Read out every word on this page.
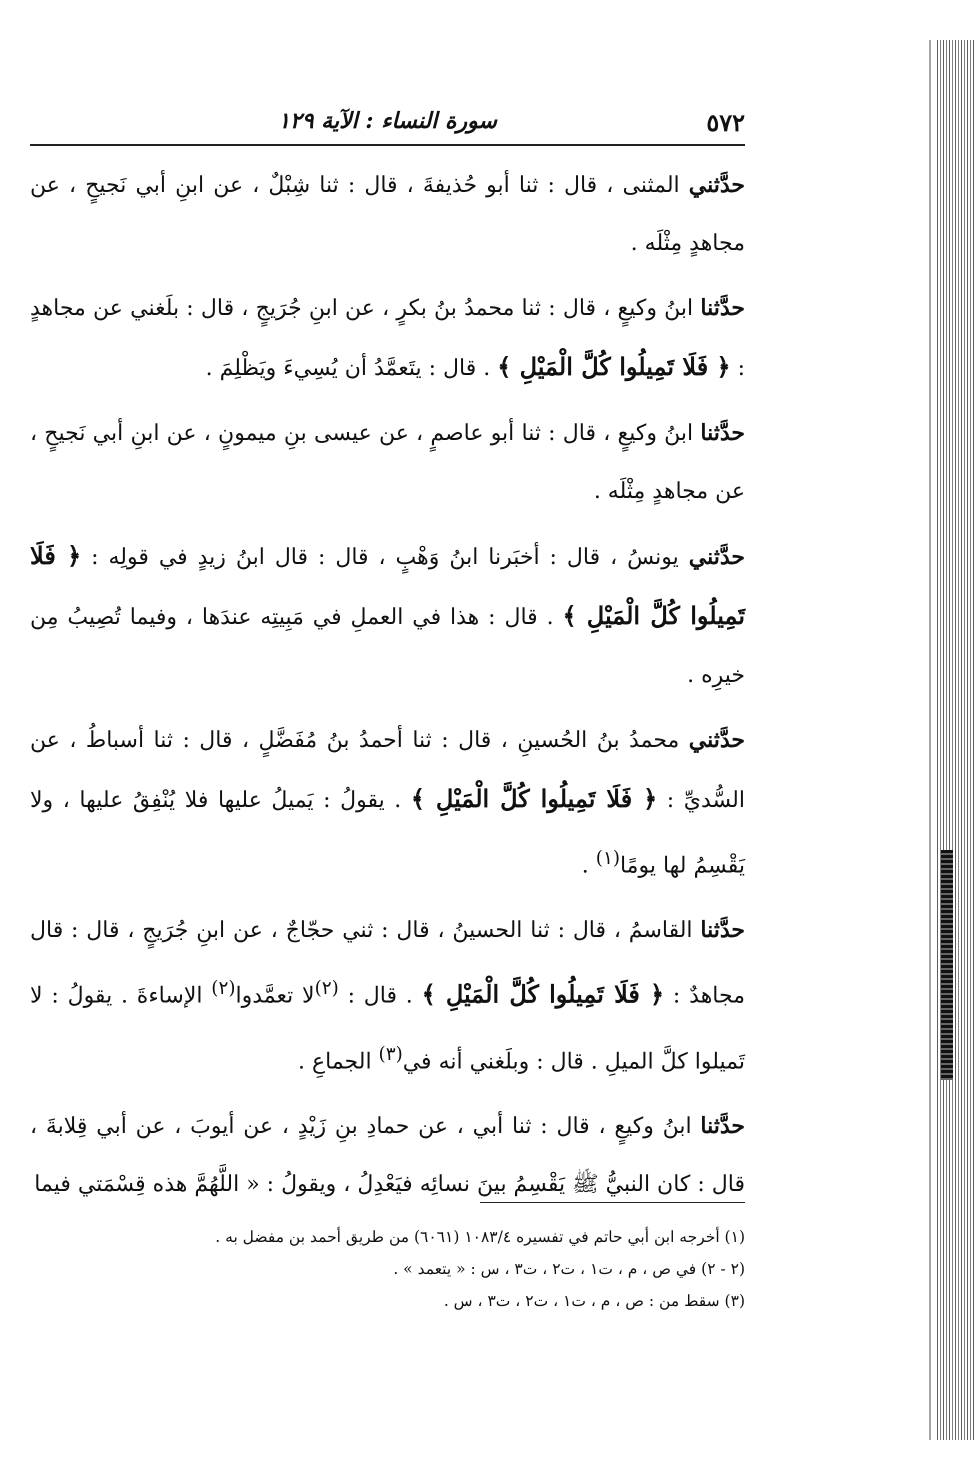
٥٧٢
سورة النساء : الآية ١٢٩

حدَّثني المثنى ، قال : ثنا أبو حُذيفةَ ، قال : ثنا شِبْلٌ ، عن ابنِ أبي نَجيحٍ ، عن مجاهدٍ مِثْلَه .

حدَّثنا ابنُ وكيعٍ ، قال : ثنا محمدُ بنُ بكرٍ ، عن ابنِ جُرَيجٍ ، قال : بلَغني عن مجاهدٍ : ﴿ فَلَا تَمِيلُوا كُلَّ الْمَيْلِ ﴾ . قال : يتَعمَّدُ أن يُسِيءَ ويَظْلِمَ .

حدَّثنا ابنُ وكيعٍ ، قال : ثنا أبو عاصمٍ ، عن عيسى بنِ ميمونٍ ، عن ابنِ أبي نَجيحٍ ، عن مجاهدٍ مِثْلَه .

حدَّثني يونسُ ، قال : أخبَرنا ابنُ وَهْبٍ ، قال : قال ابنُ زيدٍ في قولِه : ﴿ فَلَا تَمِيلُوا كُلَّ الْمَيْلِ ﴾ . قال : هذا في العملِ في مَبِيتِه عندَها ، وفيما تُصِيبُ مِن خيرِه .

حدَّثني محمدُ بنُ الحُسينِ ، قال : ثنا أحمدُ بنُ مُفَضَّلٍ ، قال : ثنا أسباطُ ، عن السُّديِّ : ﴿ فَلَا تَمِيلُوا كُلَّ الْمَيْلِ ﴾ . يقولُ : يَميلُ عليها فلا يُنْفِقُ عليها ، ولا يَقْسِمُ لها يومًا$^{(١)}$ .

حدَّثنا القاسمُ ، قال : ثنا الحسينُ ، قال : ثني حجّاجٌ ، عن ابنِ جُرَيجٍ ، قال : قال مجاهدٌ : ﴿ فَلَا تَمِيلُوا كُلَّ الْمَيْلِ ﴾ . قال : $^{(٢)}$لا تعمَّدوا$^{(٢)}$ الإساءةَ . يقولُ : لا تَميلوا كلَّ الميلِ . قال : وبلَغني أنه في$^{(٣)}$ الجماعِ .

حدَّثنا ابنُ وكيعٍ ، قال : ثنا أبي ، عن حمادِ بنِ زَيْدٍ ، عن أيوبَ ، عن أبي قِلابةَ ، قال : كان النبيُّ ﷺ يَقْسِمُ بينَ نسائِه فيَعْدِلُ ، ويقولُ : « اللَّهُمَّ هذه قِسْمَتي فيما

(١) أخرجه ابن أبي حاتم في تفسيره ١٠٨٣/٤ (٦٠٦١) من طريق أحمد بن مفضل به .

(٢ - ٢) في ص ، م ، ت١ ، ت٢ ، ت٣ ، س : « يتعمد » .

(٣) سقط من : ص ، م ، ت١ ، ت٢ ، ت٣ ، س .
